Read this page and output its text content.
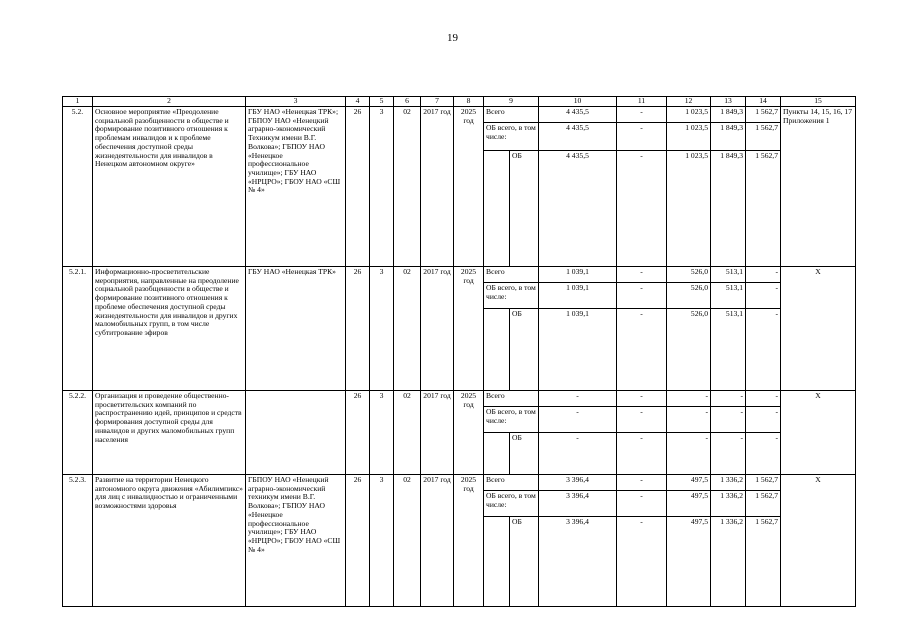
19
1	2	3	4	5	6	7	8	9		10	11	12	13	14	15
5.2.	Основное мероприятие «Преодоление социальной разобщенности в обществе и формирование позитивного отношения к проблемам инвалидов и к проблеме обеспечения доступной среды жизнедеятельности для инвалидов в Ненецком автономном округе»	ГБУ НАО «Ненецкая ТРК»; ГБПОУ НАО «Ненецкий аграрно-экономический Техникум имени В.Г. Волкова»; ГБПОУ НАО «Ненецкое профессиональное училище»; ГБУ НАО «НРЦРО»; ГБОУ НАО «СШ № 4»	26	3	02	2017 год	2025 год	Всего		4 435,5	-	1 023,5	1 849,3	1 562,7	Пункты 14, 15, 16, 17 Приложения 1
								ОБ всего, в том числе:		4 435,5	-	1 023,5	1 849,3	1 562,7	
									ОБ	4 435,5	-	1 023,5	1 849,3	1 562,7	
5.2.1.	Информационно-просветительские мероприятия, направленные на преодоление социальной разобщенности в обществе и формирование позитивного отношения к проблеме обеспечения доступной среды жизнедеятельности для инвалидов и других маломобильных групп, в том числе субтитрование эфиров	ГБУ НАО «Ненецкая ТРК»	26	3	02	2017 год	2025 год	Всего		1 039,1	-	526,0	513,1	-	Х
								ОБ всего, в том числе:		1 039,1	-	526,0	513,1	-	
									ОБ	1 039,1	-	526,0	513,1	-	
5.2.2.	Организация и проведение общественно-просветительских компаний по распространению идей, принципов и средств формирования доступной среды для инвалидов и других маломобильных групп населения		26	3	02	2017 год	2025 год	Всего		-	-	-	-	-	Х
								ОБ всего, в том числе:		-	-	-	-	-	
									ОБ	-	-	-	-	-	
5.2.3.	Развитие на территории Ненецкого автономного округа движения «Абилимпикс» для лиц с инвалидностью и ограниченными возможностями здоровья	ГБПОУ НАО «Ненецкий аграрно-экономический техникум имени В.Г. Волкова»; ГБПОУ НАО «Ненецкое профессиональное училище»; ГБУ НАО «НРЦРО»; ГБОУ НАО «СШ № 4»	26	3	02	2017 год	2025 год	Всего		3 396,4	-	497,5	1 336,2	1 562,7	Х
								ОБ всего, в том числе:		3 396,4	-	497,5	1 336,2	1 562,7	
									ОБ	3 396,4	-	497,5	1 336,2	1 562,7	
